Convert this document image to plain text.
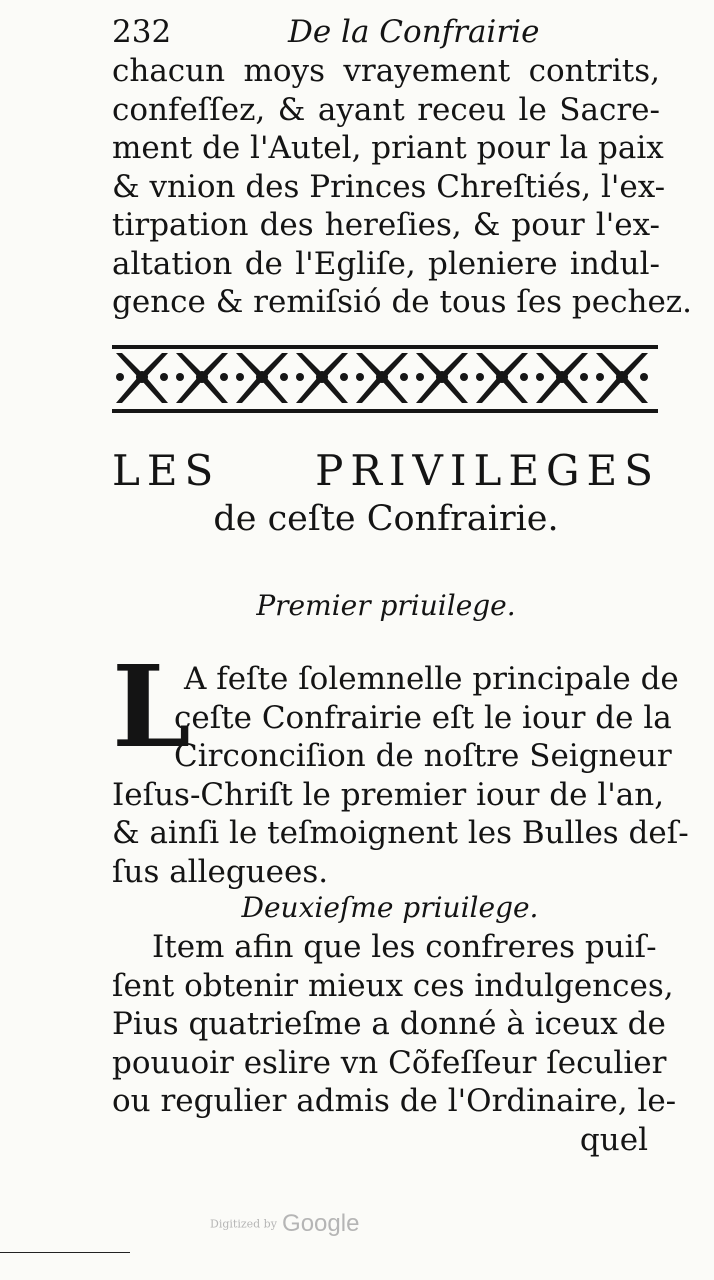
232	De la Confrairie
chacun moys vrayement contrits,
confeſſez, & ayant receu le Sacre-
ment de l'Autel, priant pour la paix
& vnion des Princes Chreſtiés, l'ex-
tirpation des hereſies, & pour l'ex-
altation de l'Egliſe, pleniere indul-
gence & remiſsió de tous ſes pechez.
LES PRIVILEGES
de ceſte Confrairie.
Premier priuilege.
L
A feſte ſolemnelle principale de
ceſte Confrairie eſt le iour de la
Circonciſion de noſtre Seigneur
Ieſus-Chriſt le premier iour de l'an,
& ainſi le teſmoignent les Bulles deſ-
ſus alleguees.
Deuxieſme priuilege.
Item afin que les confreres puiſ-
ſent obtenir mieux ces indulgences,
Pius quatrieſme a donné à iceux de
pouuoir eslire vn Cõfeſſeur ſeculier
ou regulier admis de l'Ordinaire, le-
quel
Digitized by Google
